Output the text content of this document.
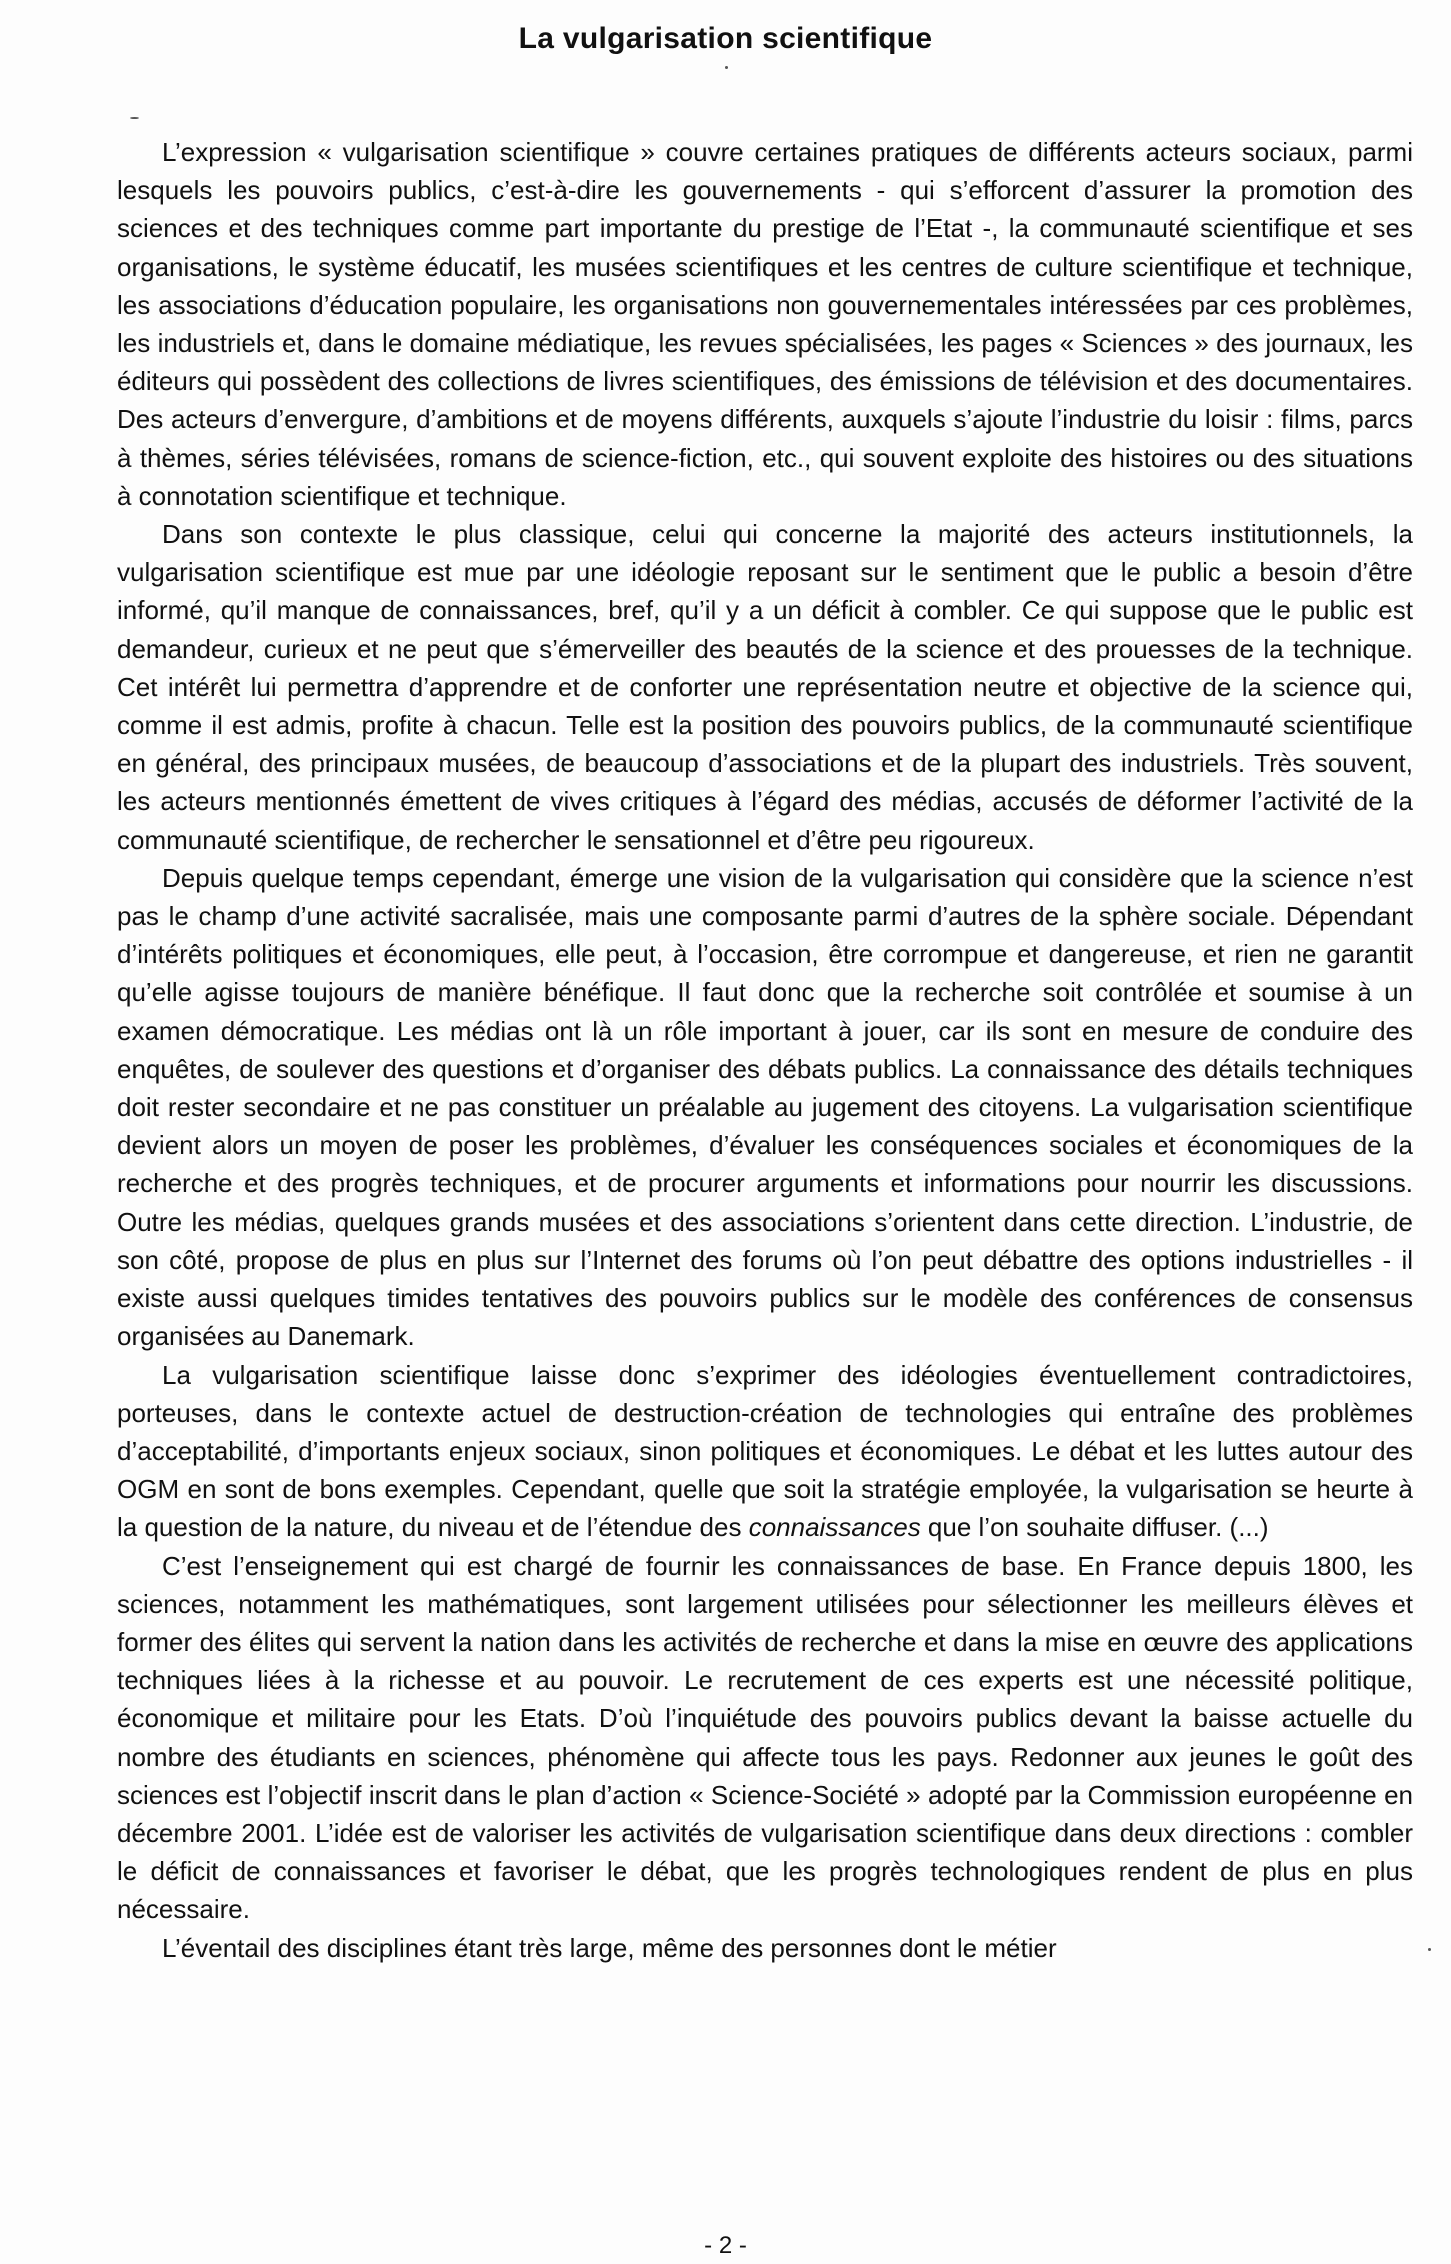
La vulgarisation scientifique

L’expression « vulgarisation scientifique » couvre certaines pratiques de différents acteurs sociaux, parmi lesquels les pouvoirs publics, c’est-à-dire les gouvernements - qui s’efforcent d’assurer la promotion des sciences et des techniques comme part importante du prestige de l’Etat -, la communauté scientifique et ses organisations, le système éducatif, les musées scientifiques et les centres de culture scientifique et technique, les associations d’éducation populaire, les organisations non gouvernementales intéressées par ces problèmes, les industriels et, dans le domaine médiatique, les revues spécialisées, les pages « Sciences » des journaux, les éditeurs qui possèdent des collections de livres scientifiques, des émissions de télévision et des documentaires. Des acteurs d’envergure, d’ambitions et de moyens différents, auxquels s’ajoute l’industrie du loisir : films, parcs à thèmes, séries télévisées, romans de science-fiction, etc., qui souvent exploite des histoires ou des situations à connotation scientifique et technique.

Dans son contexte le plus classique, celui qui concerne la majorité des acteurs institutionnels, la vulgarisation scientifique est mue par une idéologie reposant sur le sentiment que le public a besoin d’être informé, qu’il manque de connaissances, bref, qu’il y a un déficit à combler. Ce qui suppose que le public est demandeur, curieux et ne peut que s’émerveiller des beautés de la science et des prouesses de la technique. Cet intérêt lui permettra d’apprendre et de conforter une représentation neutre et objective de la science qui, comme il est admis, profite à chacun. Telle est la position des pouvoirs publics, de la communauté scientifique en général, des principaux musées, de beaucoup d’associations et de la plupart des industriels. Très souvent, les acteurs mentionnés émettent de vives critiques à l’égard des médias, accusés de déformer l’activité de la communauté scientifique, de rechercher le sensationnel et d’être peu rigoureux.

Depuis quelque temps cependant, émerge une vision de la vulgarisation qui considère que la science n’est pas le champ d’une activité sacralisée, mais une composante parmi d’autres de la sphère sociale. Dépendant d’intérêts politiques et économiques, elle peut, à l’occasion, être corrompue et dangereuse, et rien ne garantit qu’elle agisse toujours de manière bénéfique. Il faut donc que la recherche soit contrôlée et soumise à un examen démocratique. Les médias ont là un rôle important à jouer, car ils sont en mesure de conduire des enquêtes, de soulever des questions et d’organiser des débats publics. La connaissance des détails techniques doit rester secondaire et ne pas constituer un préalable au jugement des citoyens. La vulgarisation scientifique devient alors un moyen de poser les problèmes, d’évaluer les conséquences sociales et économiques de la recherche et des progrès techniques, et de procurer arguments et informations pour nourrir les discussions. Outre les médias, quelques grands musées et des associations s’orientent dans cette direction. L’industrie, de son côté, propose de plus en plus sur l’Internet des forums où l’on peut débattre des options industrielles - il existe aussi quelques timides tentatives des pouvoirs publics sur le modèle des conférences de consensus organisées au Danemark.

La vulgarisation scientifique laisse donc s’exprimer des idéologies éventuellement contradictoires, porteuses, dans le contexte actuel de destruction-création de technologies qui entraîne des problèmes d’acceptabilité, d’importants enjeux sociaux, sinon politiques et économiques. Le débat et les luttes autour des OGM en sont de bons exemples. Cependant, quelle que soit la stratégie employée, la vulgarisation se heurte à la question de la nature, du niveau et de l’étendue des connaissances que l’on souhaite diffuser. (...)

C’est l’enseignement qui est chargé de fournir les connaissances de base. En France depuis 1800, les sciences, notamment les mathématiques, sont largement utilisées pour sélectionner les meilleurs élèves et former des élites qui servent la nation dans les activités de recherche et dans la mise en œuvre des applications techniques liées à la richesse et au pouvoir. Le recrutement de ces experts est une nécessité politique, économique et militaire pour les Etats. D’où l’inquiétude des pouvoirs publics devant la baisse actuelle du nombre des étudiants en sciences, phénomène qui affecte tous les pays. Redonner aux jeunes le goût des sciences est l’objectif inscrit dans le plan d’action « Science-Société » adopté par la Commission européenne en décembre 2001. L’idée est de valoriser les activités de vulgarisation scientifique dans deux directions : combler le déficit de connaissances et favoriser le débat, que les progrès technologiques rendent de plus en plus nécessaire.

L’éventail des disciplines étant très large, même des personnes dont le métier

- 2 -
